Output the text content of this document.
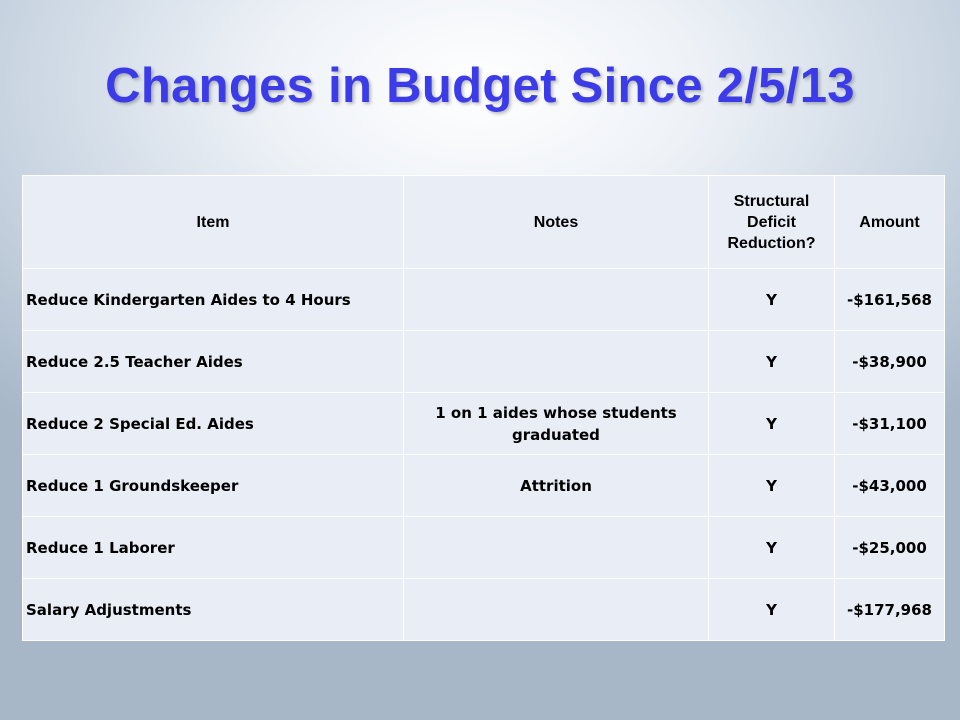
Changes in Budget Since 2/5/13
Item	Notes	Structural Deficit Reduction?	Amount
Reduce Kindergarten Aides to 4 Hours		Y	-$161,568
Reduce 2.5 Teacher Aides		Y	-$38,900
Reduce 2 Special Ed. Aides	1 on 1 aides whose students graduated	Y	-$31,100
Reduce 1 Groundskeeper	Attrition	Y	-$43,000
Reduce 1 Laborer		Y	-$25,000
Salary Adjustments		Y	-$177,968
